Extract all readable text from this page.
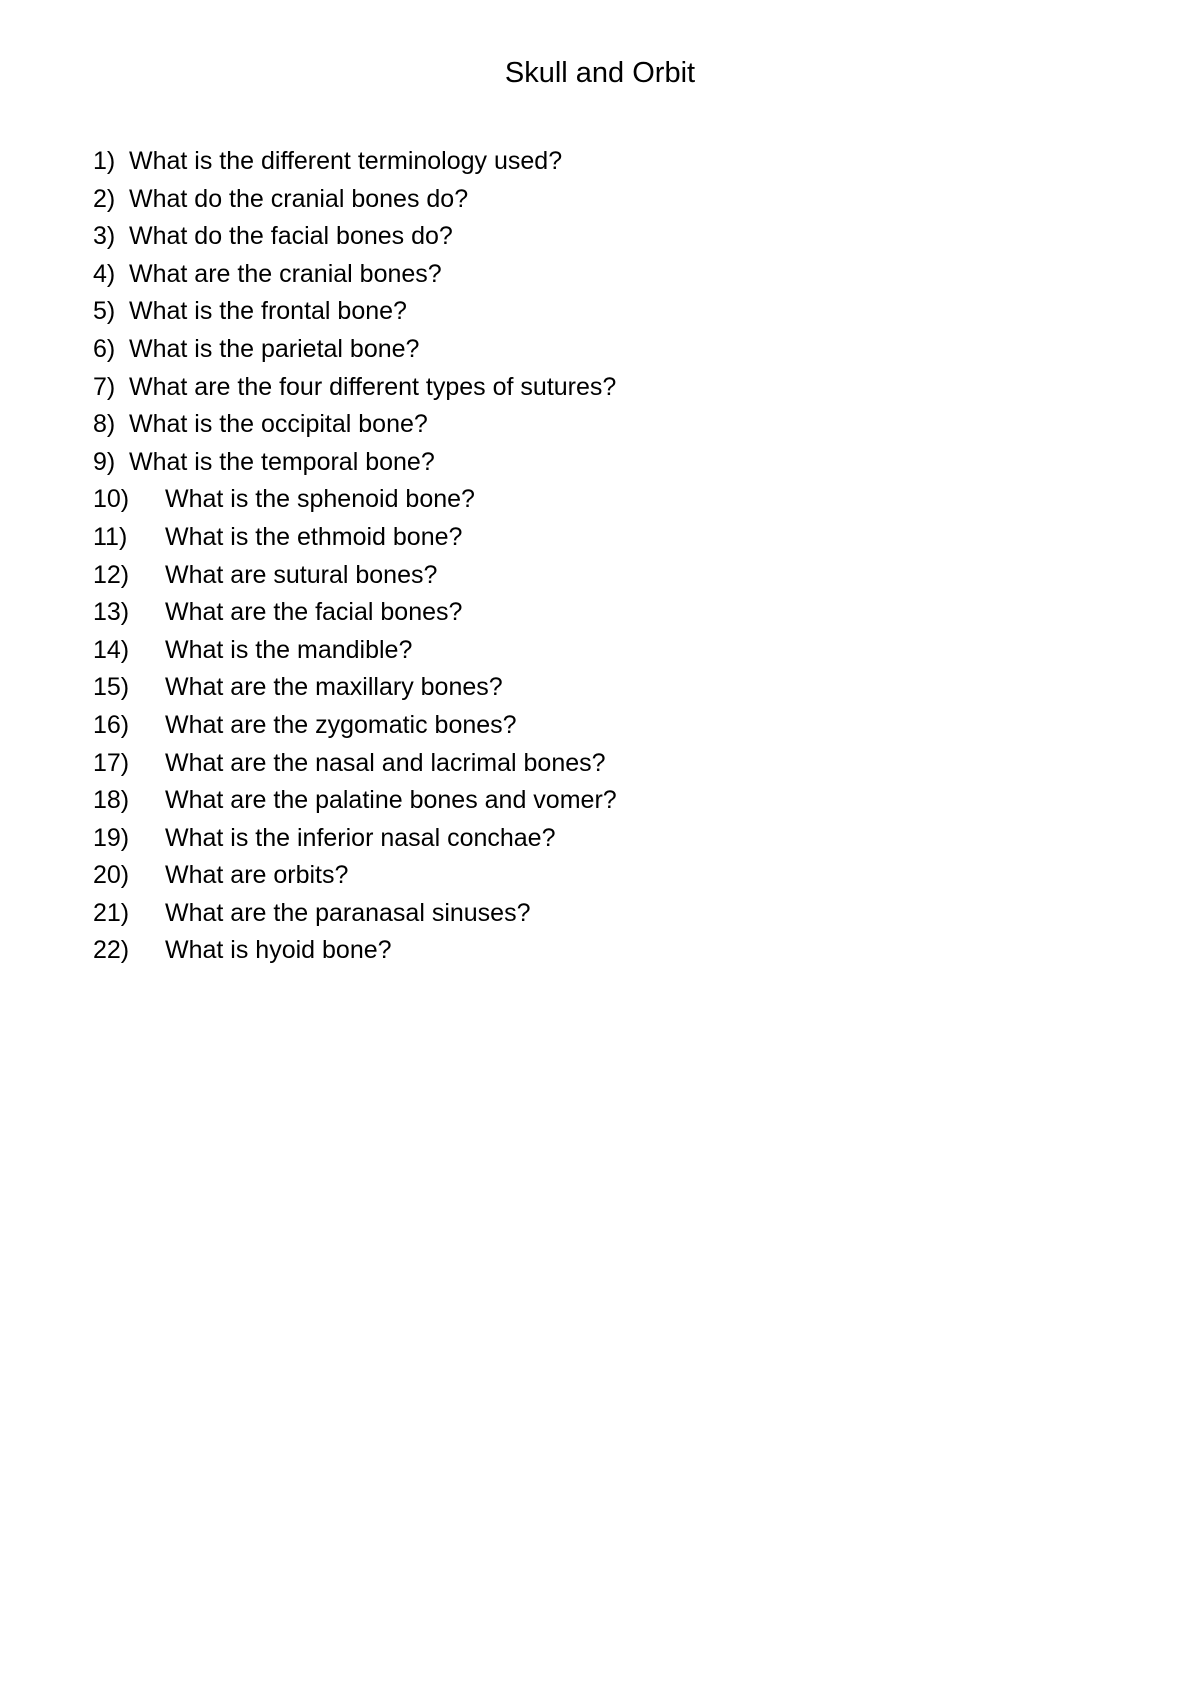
Skull and Orbit
1) What is the different terminology used?
2) What do the cranial bones do?
3) What do the facial bones do?
4) What are the cranial bones?
5) What is the frontal bone?
6) What is the parietal bone?
7) What are the four different types of sutures?
8) What is the occipital bone?
9) What is the temporal bone?
10)	What is the sphenoid bone?
11)	What is the ethmoid bone?
12)	What are sutural bones?
13)	What are the facial bones?
14)	What is the mandible?
15)	What are the maxillary bones?
16)	What are the zygomatic bones?
17)	What are the nasal and lacrimal bones?
18)	What are the palatine bones and vomer?
19)	What is the inferior nasal conchae?
20)	What are orbits?
21)	What are the paranasal sinuses?
22)	What is hyoid bone?
